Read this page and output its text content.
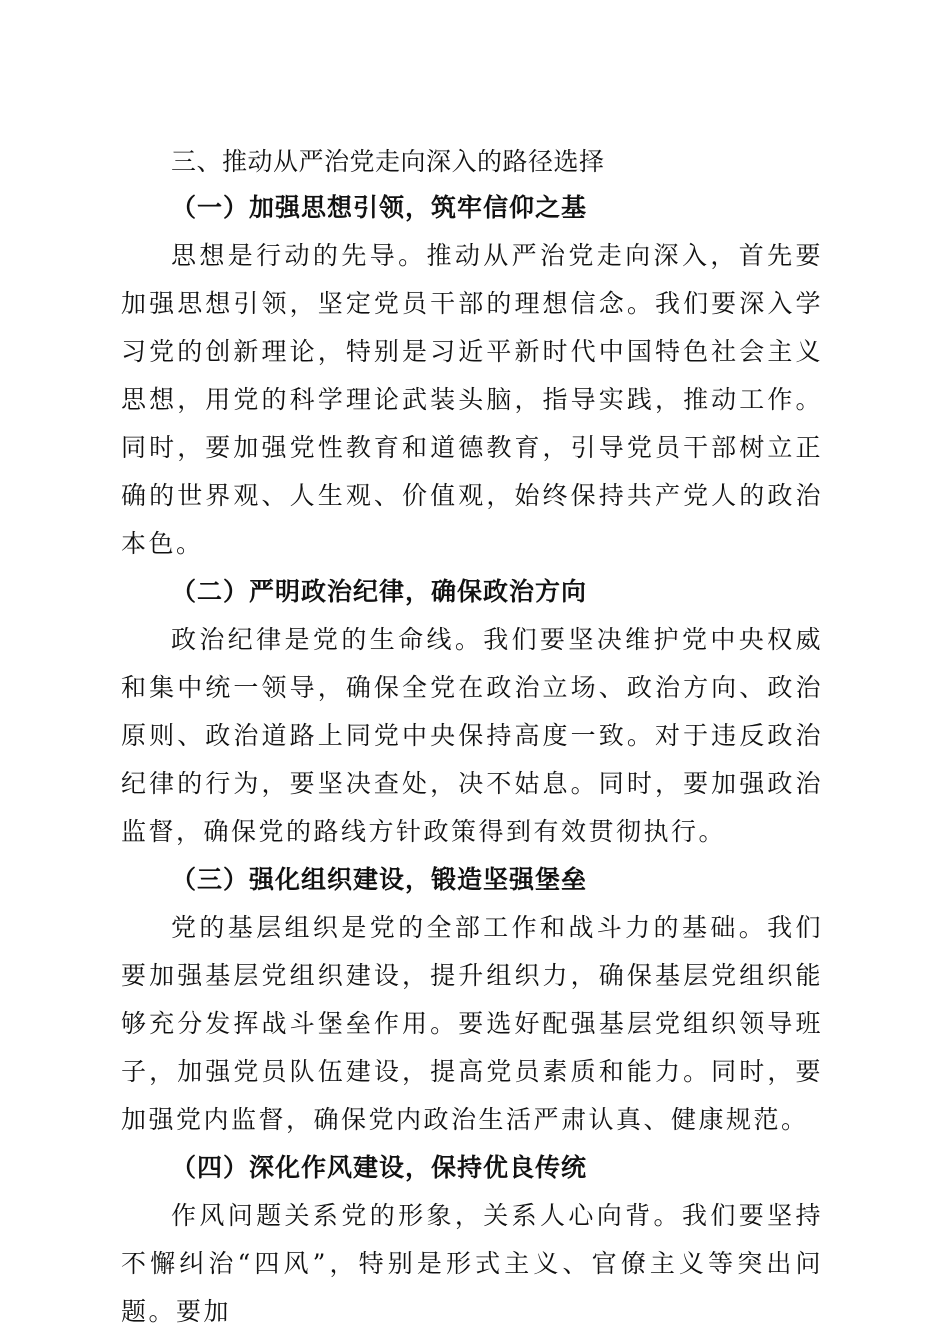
三、推动从严治党走向深入的路径选择
（一）加强思想引领，筑牢信仰之基

思想是行动的先导。推动从严治党走向深入，首先要加强思想引领，坚定党员干部的理想信念。我们要深入学习党的创新理论，特别是习近平新时代中国特色社会主义思想，用党的科学理论武装头脑，指导实践，推动工作。同时，要加强党性教育和道德教育，引导党员干部树立正确的世界观、人生观、价值观，始终保持共产党人的政治本色。

（二）严明政治纪律，确保政治方向

政治纪律是党的生命线。我们要坚决维护党中央权威和集中统一领导，确保全党在政治立场、政治方向、政治原则、政治道路上同党中央保持高度一致。对于违反政治纪律的行为，要坚决查处，决不姑息。同时，要加强政治监督，确保党的路线方针政策得到有效贯彻执行。

（三）强化组织建设，锻造坚强堡垒

党的基层组织是党的全部工作和战斗力的基础。我们要加强基层党组织建设，提升组织力，确保基层党组织能够充分发挥战斗堡垒作用。要选好配强基层党组织领导班子，加强党员队伍建设，提高党员素质和能力。同时，要加强党内监督，确保党内政治生活严肃认真、健康规范。

（四）深化作风建设，保持优良传统

作风问题关系党的形象，关系人心向背。我们要坚持不懈纠治“四风”，特别是形式主义、官僚主义等突出问题。要加
